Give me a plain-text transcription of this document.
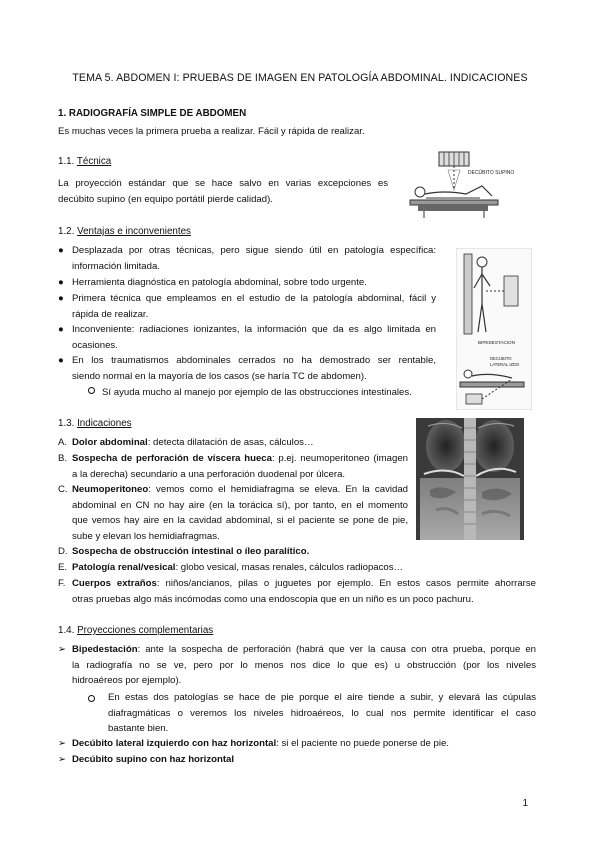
TEMA 5. ABDOMEN I: PRUEBAS DE IMAGEN EN PATOLOGÍA ABDOMINAL. INDICACIONES
1. RADIOGRAFÍA SIMPLE DE ABDOMEN
Es muchas veces la primera prueba a realizar. Fácil y rápida de realizar.
1.1. Técnica
La proyección estándar que se hace salvo en varias excepciones es
decúbito supino (en equipo portátil pierde calidad).
DECÚBITO SUPINO
1.2. Ventajas e inconvenientes
● Desplazada por otras técnicas, pero sigue siendo útil en patología específica:
información limitada.
● Herramienta diagnóstica en patología abdominal, sobre todo urgente.
● Primera técnica que empleamos en el estudio de la patología abdominal, fácil y
rápida de realizar.
● Inconveniente: radiaciones ionizantes, la información que da es algo limitada en
ocasiones.
● En los traumatismos abdominales cerrados no ha demostrado ser rentable,
siendo normal en la mayoría de los casos (se haría TC de abdomen).
Sí ayuda mucho al manejo por ejemplo de las obstrucciones intestinales.
BIPEDESTACION
DECUBITO
LATERAL IZDO
1.3. Indicaciones
A. Dolor abdominal: detecta dilatación de asas, cálculos…
B. Sospecha de perforación de víscera hueca: p.ej. neumoperitoneo (imagen
a la derecha) secundario a una perforación duodenal por úlcera.
C. Neumoperitoneo: vemos como el hemidiafragma se eleva. En la cavidad
abdominal en CN no hay aire (en la torácica sí), por tanto, en el momento
que vemos hay aire en la cavidad abdominal, si el paciente se pone de pie,
sube y elevan los hemidiafragmas.
D. Sospecha de obstrucción intestinal o íleo paralítico.
E. Patología renal/vesical: globo vesical, masas renales, cálculos radiopacos…
F. Cuerpos extraños: niños/ancianos, pilas o juguetes por ejemplo. En estos casos permite ahorrarse
otras pruebas algo más incómodas como una endoscopia que en un niño es un poco pachuru.
1.4. Proyecciones complementarias
➢ Bipedestación: ante la sospecha de perforación (habrá que ver la causa con otra prueba, porque en
la radiografía no se ve, pero por lo menos nos dice lo que es) u obstrucción (por los niveles
hidroaéreos por ejemplo).
En estas dos patologías se hace de pie porque el aire tiende a subir, y elevará las cúpulas
diafragmáticas o veremos los niveles hidroaéreos, lo cual nos permite identificar el caso
bastante bien.
➢ Decúbito lateral izquierdo con haz horizontal: si el paciente no puede ponerse de pie.
➢ Decúbito supino con haz horizontal
1
